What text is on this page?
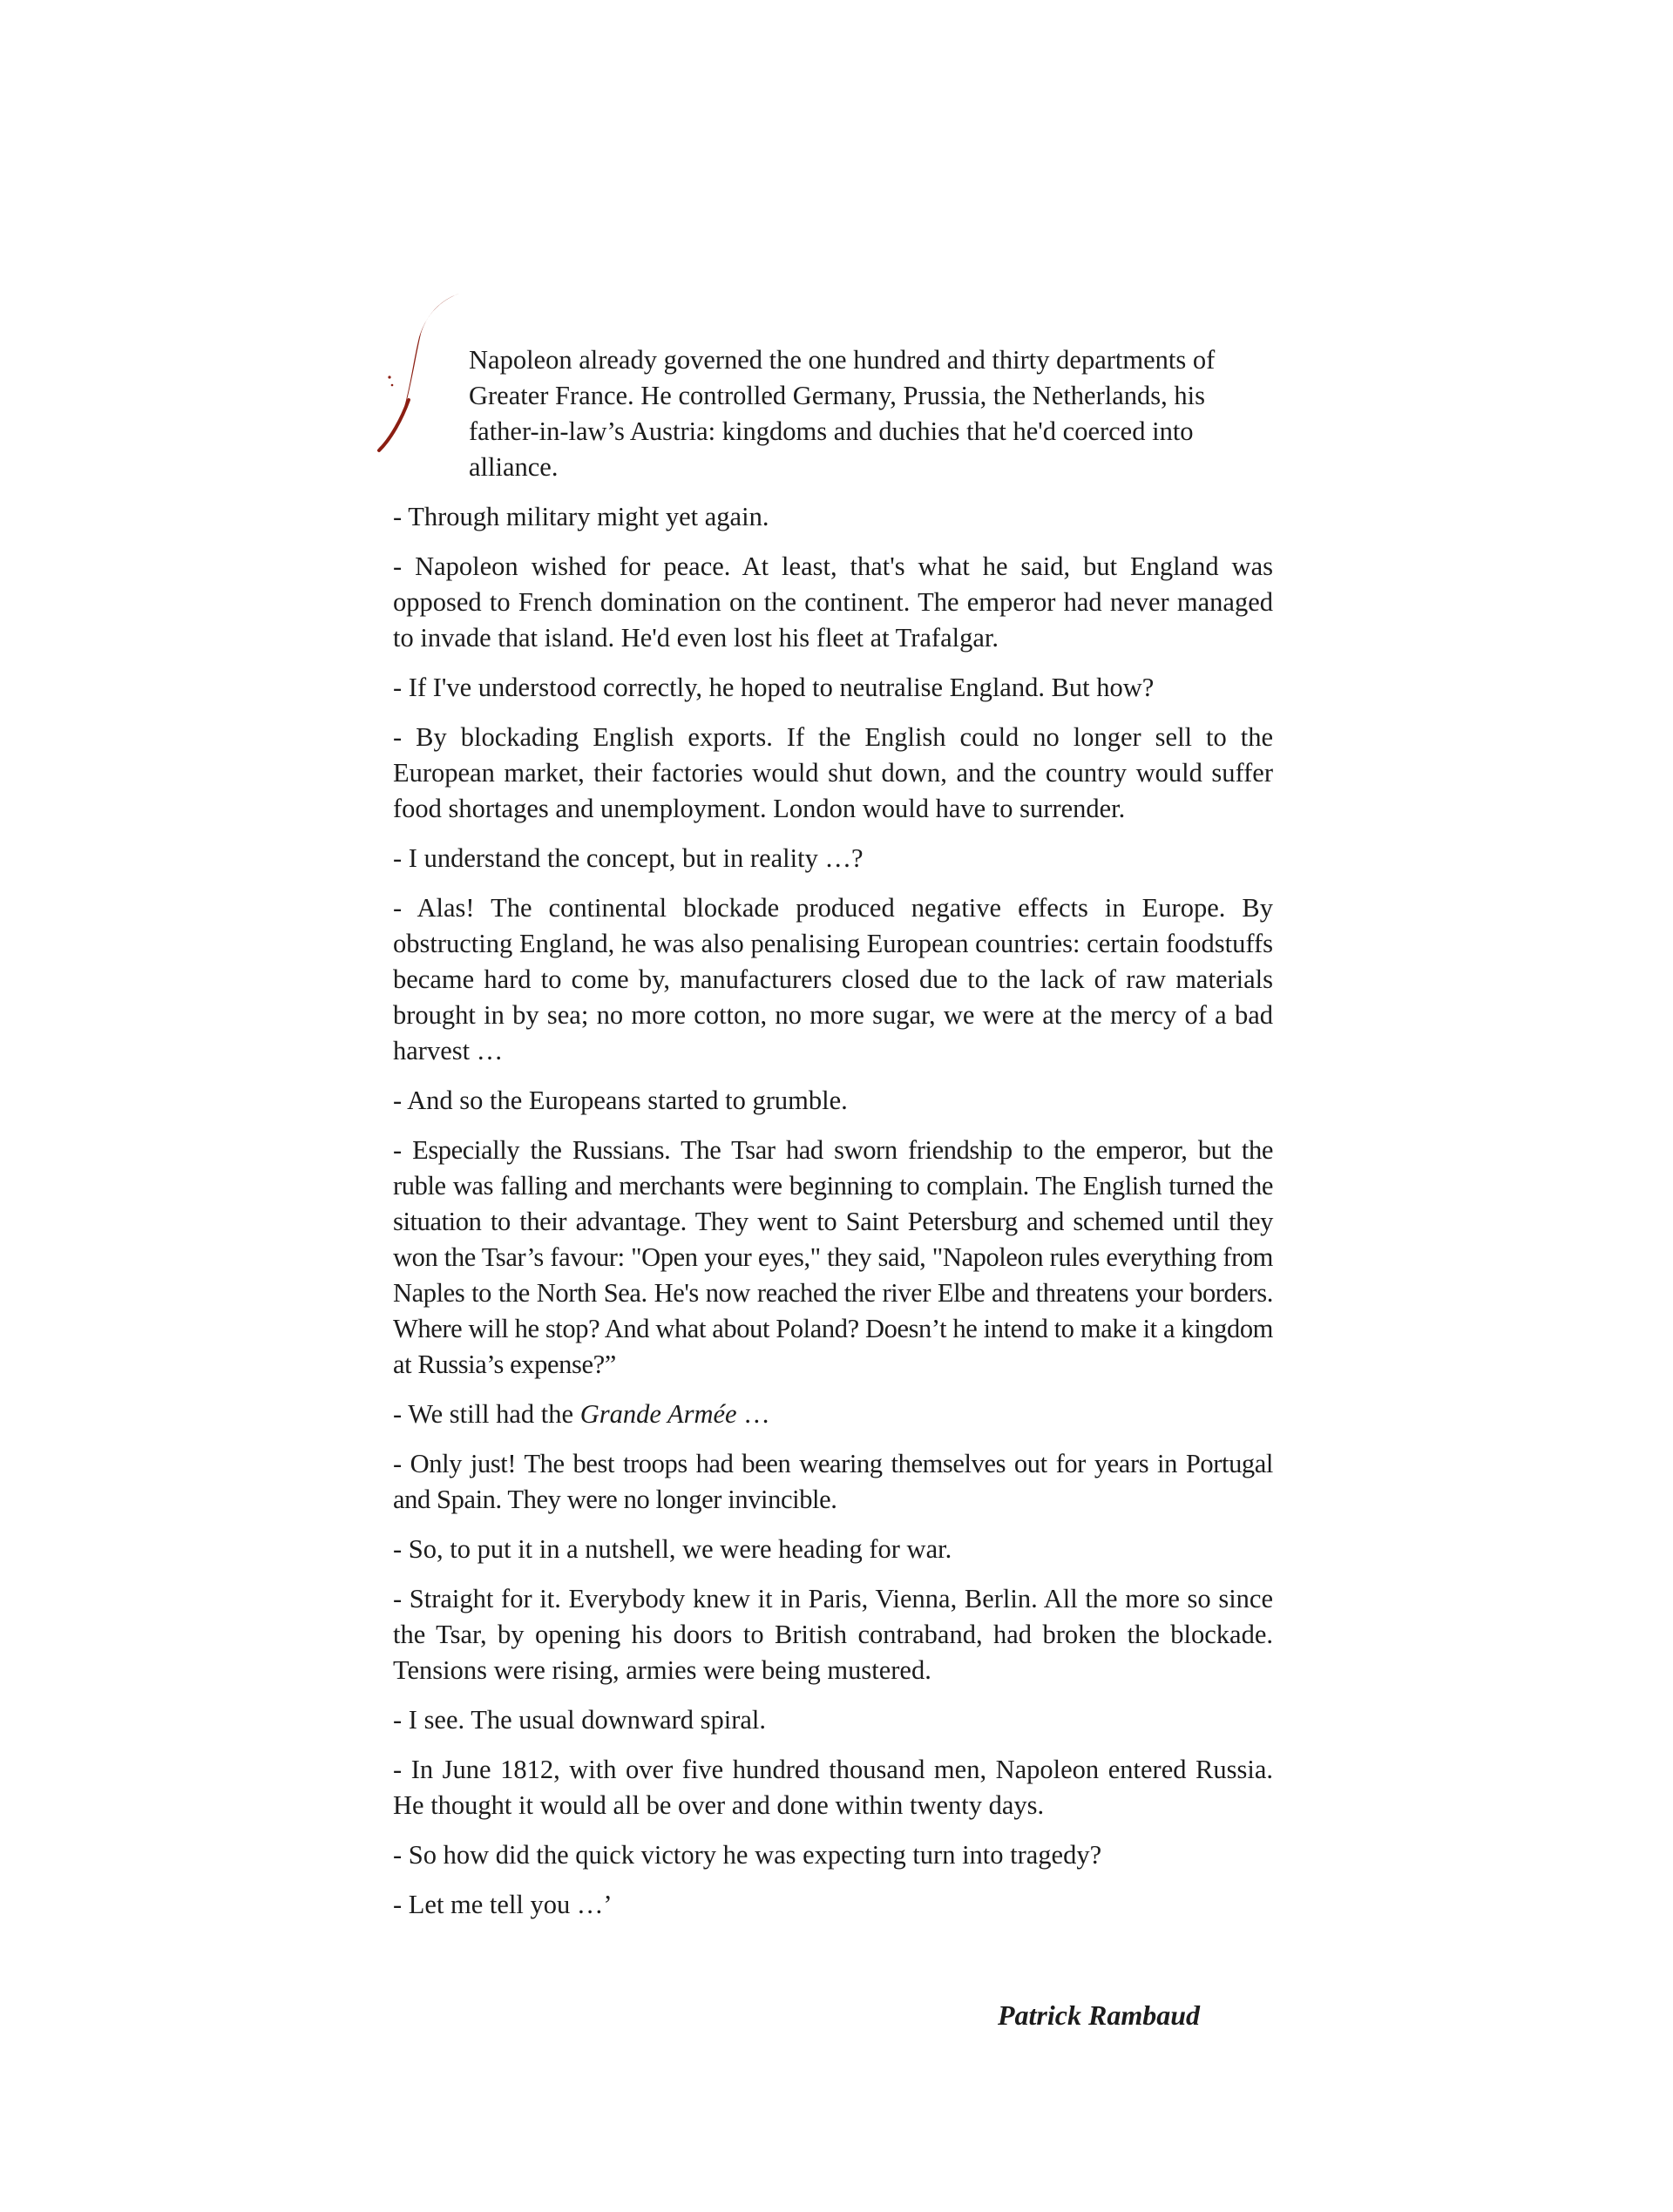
Napoleon already governed the one hundred and thirty departments of Greater France. He controlled Germany, Prussia, the Netherlands, his father-in-law’s Austria: kingdoms and duchies that he'd coerced into alliance.

- Through military might yet again.

- Napoleon wished for peace. At least, that's what he said, but England was opposed to French domination on the continent. The emperor had never managed to invade that island. He'd even lost his fleet at Trafalgar.

- If I've understood correctly, he hoped to neutralise England. But how?

- By blockading English exports. If the English could no longer sell to the European market, their factories would shut down, and the country would suffer food shortages and unemployment. London would have to surrender.

- I understand the concept, but in reality …?

- Alas! The continental blockade produced negative effects in Europe. By obstructing England, he was also penalising European countries: certain foodstuffs became hard to come by, manufacturers closed due to the lack of raw materials brought in by sea; no more cotton, no more sugar, we were at the mercy of a bad harvest …

- And so the Europeans started to grumble.

- Especially the Russians. The Tsar had sworn friendship to the emperor, but the ruble was falling and merchants were beginning to complain. The English turned the situation to their advantage. They went to Saint Petersburg and schemed until they won the Tsar’s favour: "Open your eyes," they said, "Napoleon rules everything from Naples to the North Sea. He's now reached the river Elbe and threatens your borders. Where will he stop? And what about Poland? Doesn’t he intend to make it a kingdom at Russia’s expense?”

- We still had the Grande Armée …

- Only just! The best troops had been wearing themselves out for years in Portugal and Spain. They were no longer invincible.

- So, to put it in a nutshell, we were heading for war.

- Straight for it. Everybody knew it in Paris, Vienna, Berlin. All the more so since the Tsar, by opening his doors to British contraband, had broken the blockade. Tensions were rising, armies were being mustered.

- I see. The usual downward spiral.

- In June 1812, with over five hundred thousand men, Napoleon entered Russia. He thought it would all be over and done within twenty days.

- So how did the quick victory he was expecting turn into tragedy?

- Let me tell you …’

Patrick Rambaud
